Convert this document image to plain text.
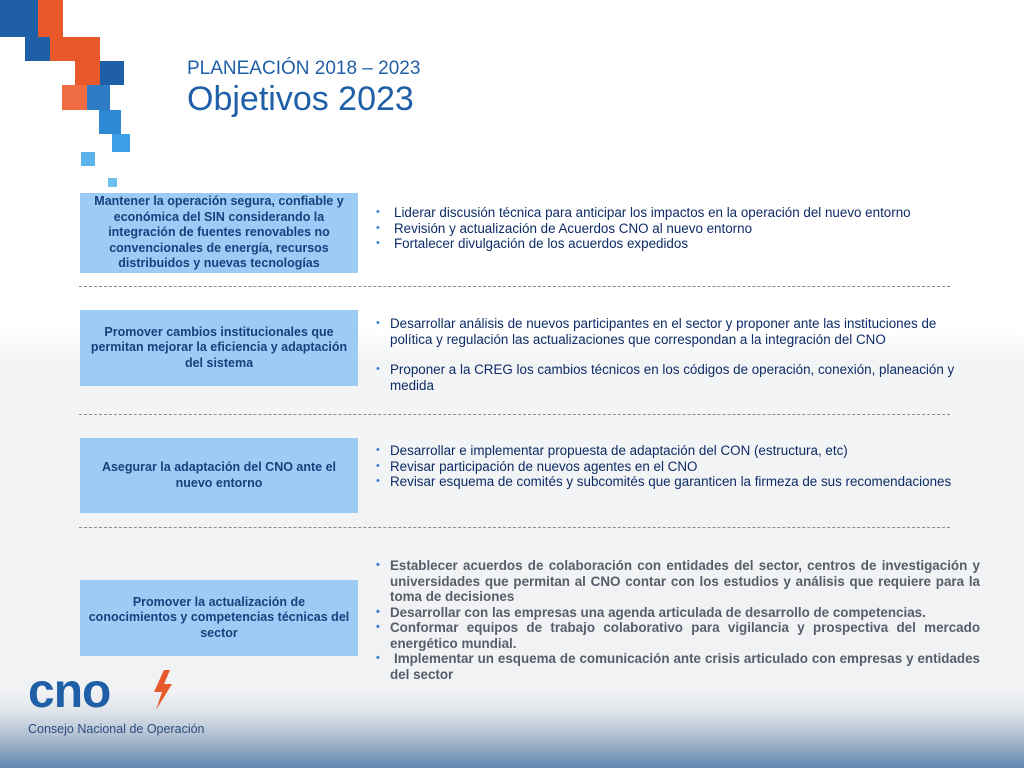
PLANEACIÓN 2018 – 2023
Objetivos 2023
Mantener la operación segura, confiable y económica del SIN considerando la integración de fuentes renovables no convencionales de energía, recursos distribuidos y nuevas tecnologías
• Liderar discusión técnica para anticipar los impactos en la operación del nuevo entorno
• Revisión y actualización de Acuerdos CNO al nuevo entorno
• Fortalecer divulgación de los acuerdos expedidos
Promover cambios institucionales que permitan mejorar la eficiencia y adaptación del sistema
• Desarrollar análisis de nuevos participantes en el sector y proponer ante las instituciones de política y regulación las actualizaciones que correspondan a la integración del CNO
• Proponer a la CREG los cambios técnicos en los códigos de operación, conexión, planeación y medida
Asegurar la adaptación del CNO ante el nuevo entorno
• Desarrollar e implementar propuesta de adaptación del CON (estructura, etc)
• Revisar participación de nuevos agentes en el CNO
• Revisar esquema de comités y subcomités que garanticen la firmeza de sus recomendaciones
Promover la actualización de conocimientos y competencias técnicas del sector
• Establecer acuerdos de colaboración con entidades del sector, centros de investigación y universidades que permitan al CNO contar con los estudios y análisis que requiere para la toma de decisiones
• Desarrollar con las empresas una agenda articulada de desarrollo de competencias.
• Conformar equipos de trabajo colaborativo para vigilancia y prospectiva del mercado energético mundial.
• Implementar un esquema de comunicación ante crisis articulado con empresas y entidades del sector
cno
Consejo Nacional de Operación
